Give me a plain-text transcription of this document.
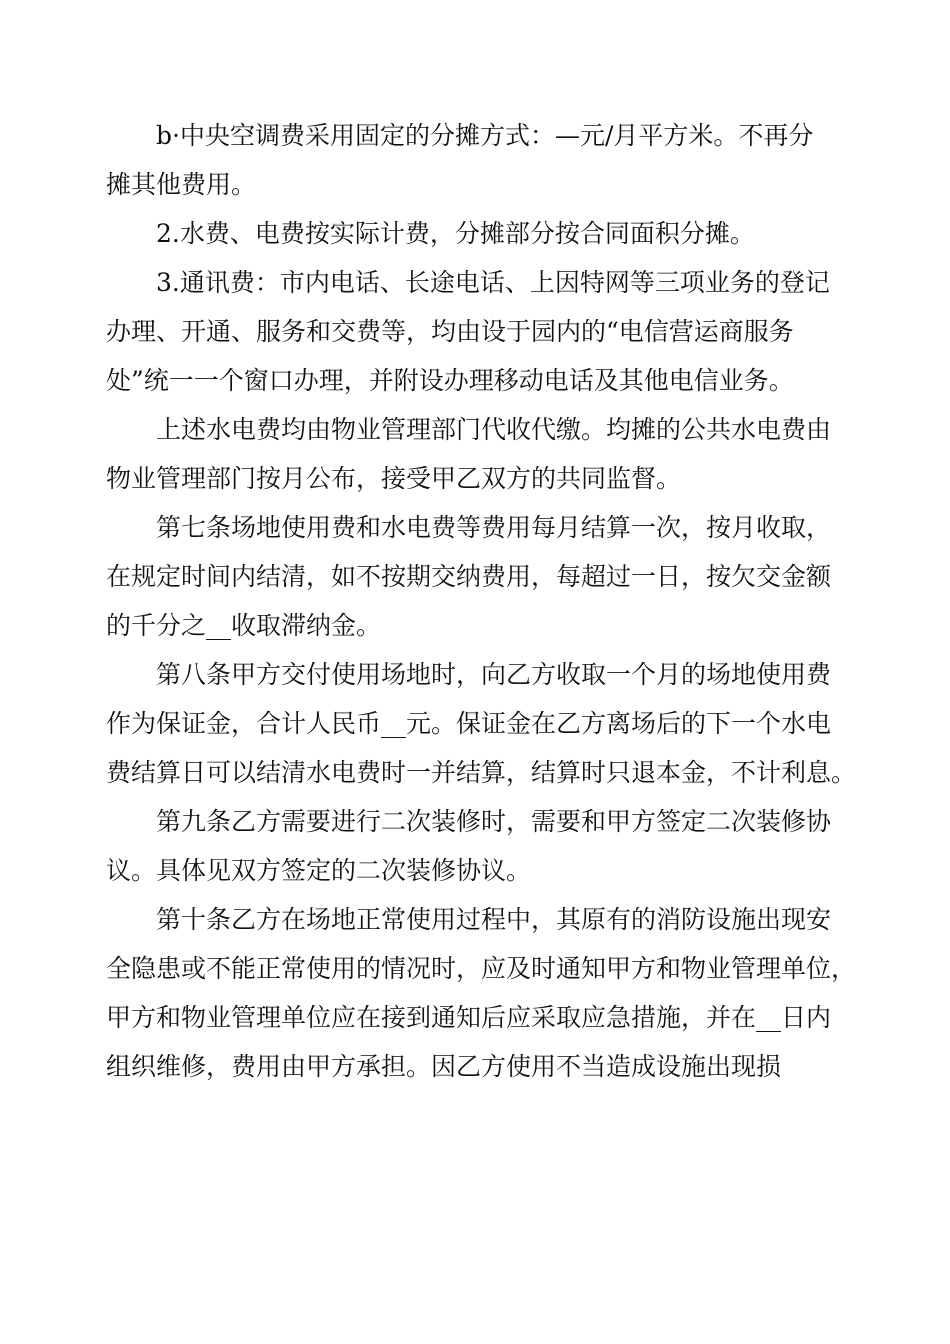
b·中央空调费采用固定的分摊方式：—元/月平方米。不再分
摊其他费用。
2.水费、电费按实际计费，分摊部分按合同面积分摊。
3.通讯费：市内电话、长途电话、上因特网等三项业务的登记
办理、开通、服务和交费等，均由设于园内的“电信营运商服务
处”统一一个窗口办理，并附设办理移动电话及其他电信业务。
上述水电费均由物业管理部门代收代缴。均摊的公共水电费由
物业管理部门按月公布，接受甲乙双方的共同监督。
第七条场地使用费和水电费等费用每月结算一次，按月收取，
在规定时间内结清，如不按期交纳费用，每超过一日，按欠交金额
的千分之__收取滞纳金。
第八条甲方交付使用场地时，向乙方收取一个月的场地使用费
作为保证金，合计人民币__元。保证金在乙方离场后的下一个水电
费结算日可以结清水电费时一并结算，结算时只退本金，不计利息。
第九条乙方需要进行二次装修时，需要和甲方签定二次装修协
议。具体见双方签定的二次装修协议。
第十条乙方在场地正常使用过程中，其原有的消防设施出现安
全隐患或不能正常使用的情况时，应及时通知甲方和物业管理单位，
甲方和物业管理单位应在接到通知后应采取应急措施，并在__日内
组织维修，费用由甲方承担。因乙方使用不当造成设施出现损
